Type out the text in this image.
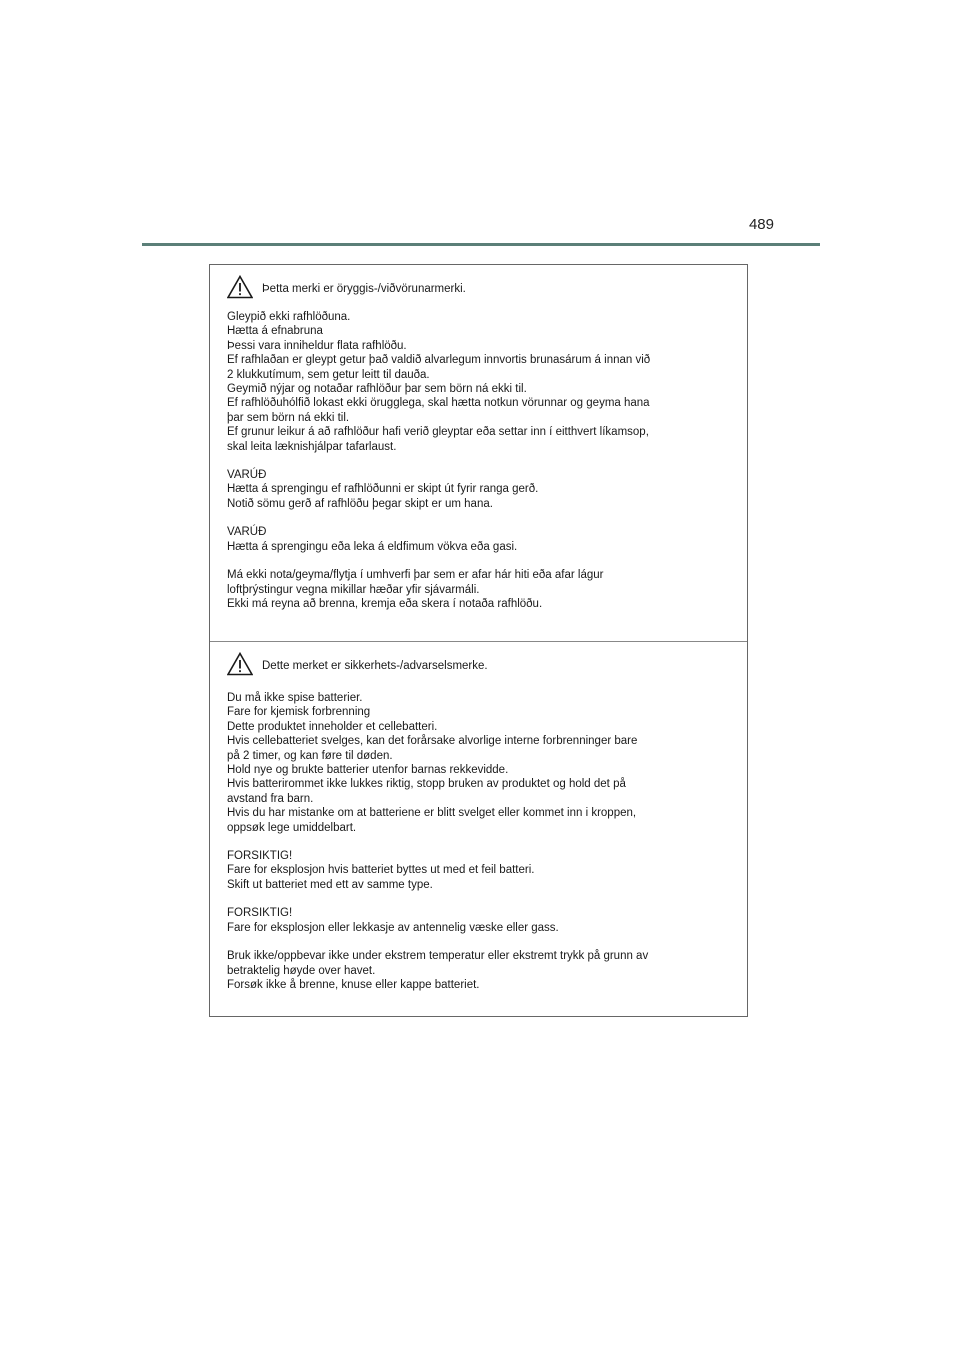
489
Þetta merki er öryggis-/viðvörunarmerki.

Gleypið ekki rafhlöðuna.
Hætta á efnabruna
Þessi vara inniheldur flata rafhlöðu.
Ef rafhlaðan er gleypt getur það valdið alvarlegum innvortis brunasárum á innan við
2 klukkutímum, sem getur leitt til dauða.
Geymið nýjar og notaðar rafhlöður þar sem börn ná ekki til.
Ef rafhlöðuhólfið lokast ekki örugglega, skal hætta notkun vörunnar og geyma hana
þar sem börn ná ekki til.
Ef grunur leikur á að rafhlöður hafi verið gleyptar eða settar inn í eitthvert líkamsop,
skal leita læknishjálpar tafarlaust.

VARÚÐ
Hætta á sprengingu ef rafhlöðunni er skipt út fyrir ranga gerð.
Notið sömu gerð af rafhlöðu þegar skipt er um hana.

VARÚÐ
Hætta á sprengingu eða leka á eldfimum vökva eða gasi.

Má ekki nota/geyma/flytja í umhverfi þar sem er afar hár hiti eða afar lágur
loftþrýstingur vegna mikillar hæðar yfir sjávarmáli.
Ekki má reyna að brenna, kremja eða skera í notaða rafhlöðu.

Dette merket er sikkerhets-/advarselsmerke.

Du må ikke spise batterier.
Fare for kjemisk forbrenning
Dette produktet inneholder et cellebatteri.
Hvis cellebatteriet svelges, kan det forårsake alvorlige interne forbrenninger bare
på 2 timer, og kan føre til døden.
Hold nye og brukte batterier utenfor barnas rekkevidde.
Hvis batterirommet ikke lukkes riktig, stopp bruken av produktet og hold det på
avstand fra barn.
Hvis du har mistanke om at batteriene er blitt svelget eller kommet inn i kroppen,
oppsøk lege umiddelbart.

FORSIKTIG!
Fare for eksplosjon hvis batteriet byttes ut med et feil batteri.
Skift ut batteriet med ett av samme type.

FORSIKTIG!
Fare for eksplosjon eller lekkasje av antennelig væske eller gass.

Bruk ikke/oppbevar ikke under ekstrem temperatur eller ekstremt trykk på grunn av
betraktelig høyde over havet.
Forsøk ikke å brenne, knuse eller kappe batteriet.
